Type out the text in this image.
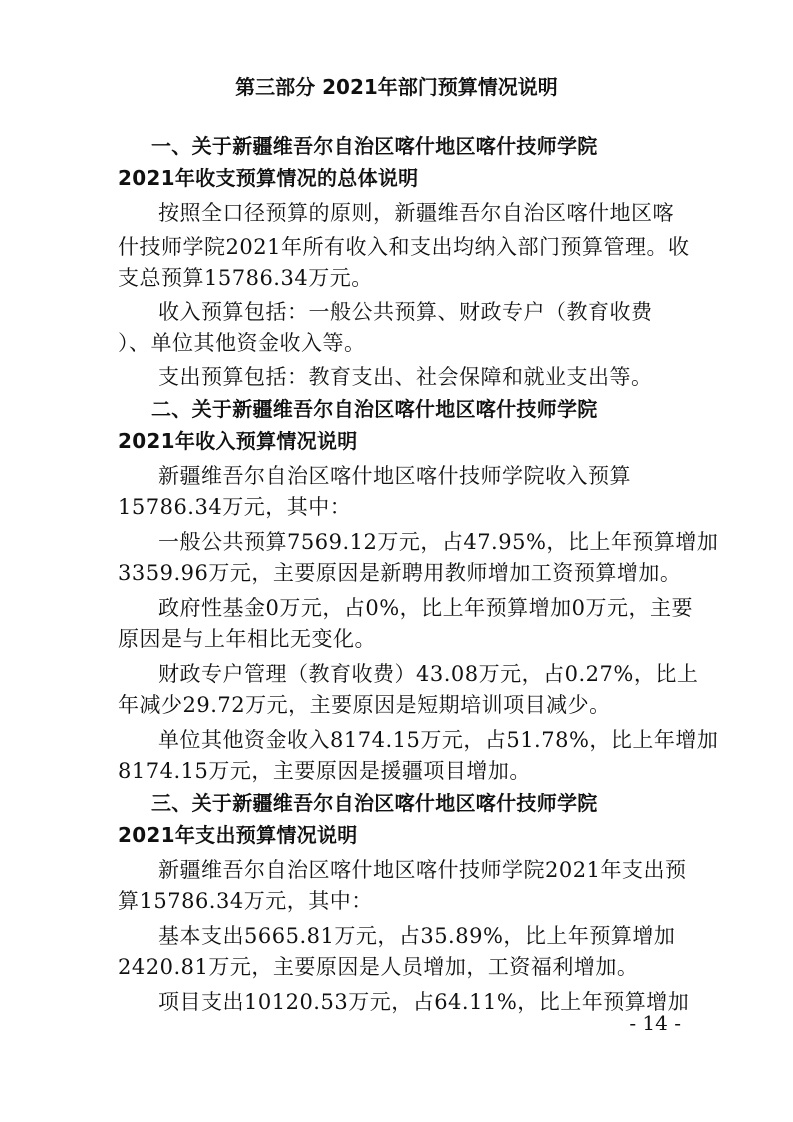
第三部分 2021年部门预算情况说明

一、关于新疆维吾尔自治区喀什地区喀什技师学院

2021年收支预算情况的总体说明

按照全口径预算的原则，新疆维吾尔自治区喀什地区喀

什技师学院2021年所有收入和支出均纳入部门预算管理。收

支总预算15786.34万元。

收入预算包括：一般公共预算、财政专户（教育收费

）、单位其他资金收入等。

支出预算包括：教育支出、社会保障和就业支出等。

二、关于新疆维吾尔自治区喀什地区喀什技师学院

2021年收入预算情况说明

新疆维吾尔自治区喀什地区喀什技师学院收入预算

15786.34万元，其中：

一般公共预算7569.12万元，占47.95%，比上年预算增加

3359.96万元，主要原因是新聘用教师增加工资预算增加。

政府性基金0万元，占0%，比上年预算增加0万元，主要

原因是与上年相比无变化。

财政专户管理（教育收费）43.08万元，占0.27%，比上

年减少29.72万元，主要原因是短期培训项目减少。

单位其他资金收入8174.15万元，占51.78%，比上年增加

8174.15万元，主要原因是援疆项目增加。

三、关于新疆维吾尔自治区喀什地区喀什技师学院

2021年支出预算情况说明

新疆维吾尔自治区喀什地区喀什技师学院2021年支出预

算15786.34万元，其中：

基本支出5665.81万元，占35.89%，比上年预算增加

2420.81万元，主要原因是人员增加，工资福利增加。

项目支出10120.53万元，占64.11%，比上年预算增加

- 14 -
